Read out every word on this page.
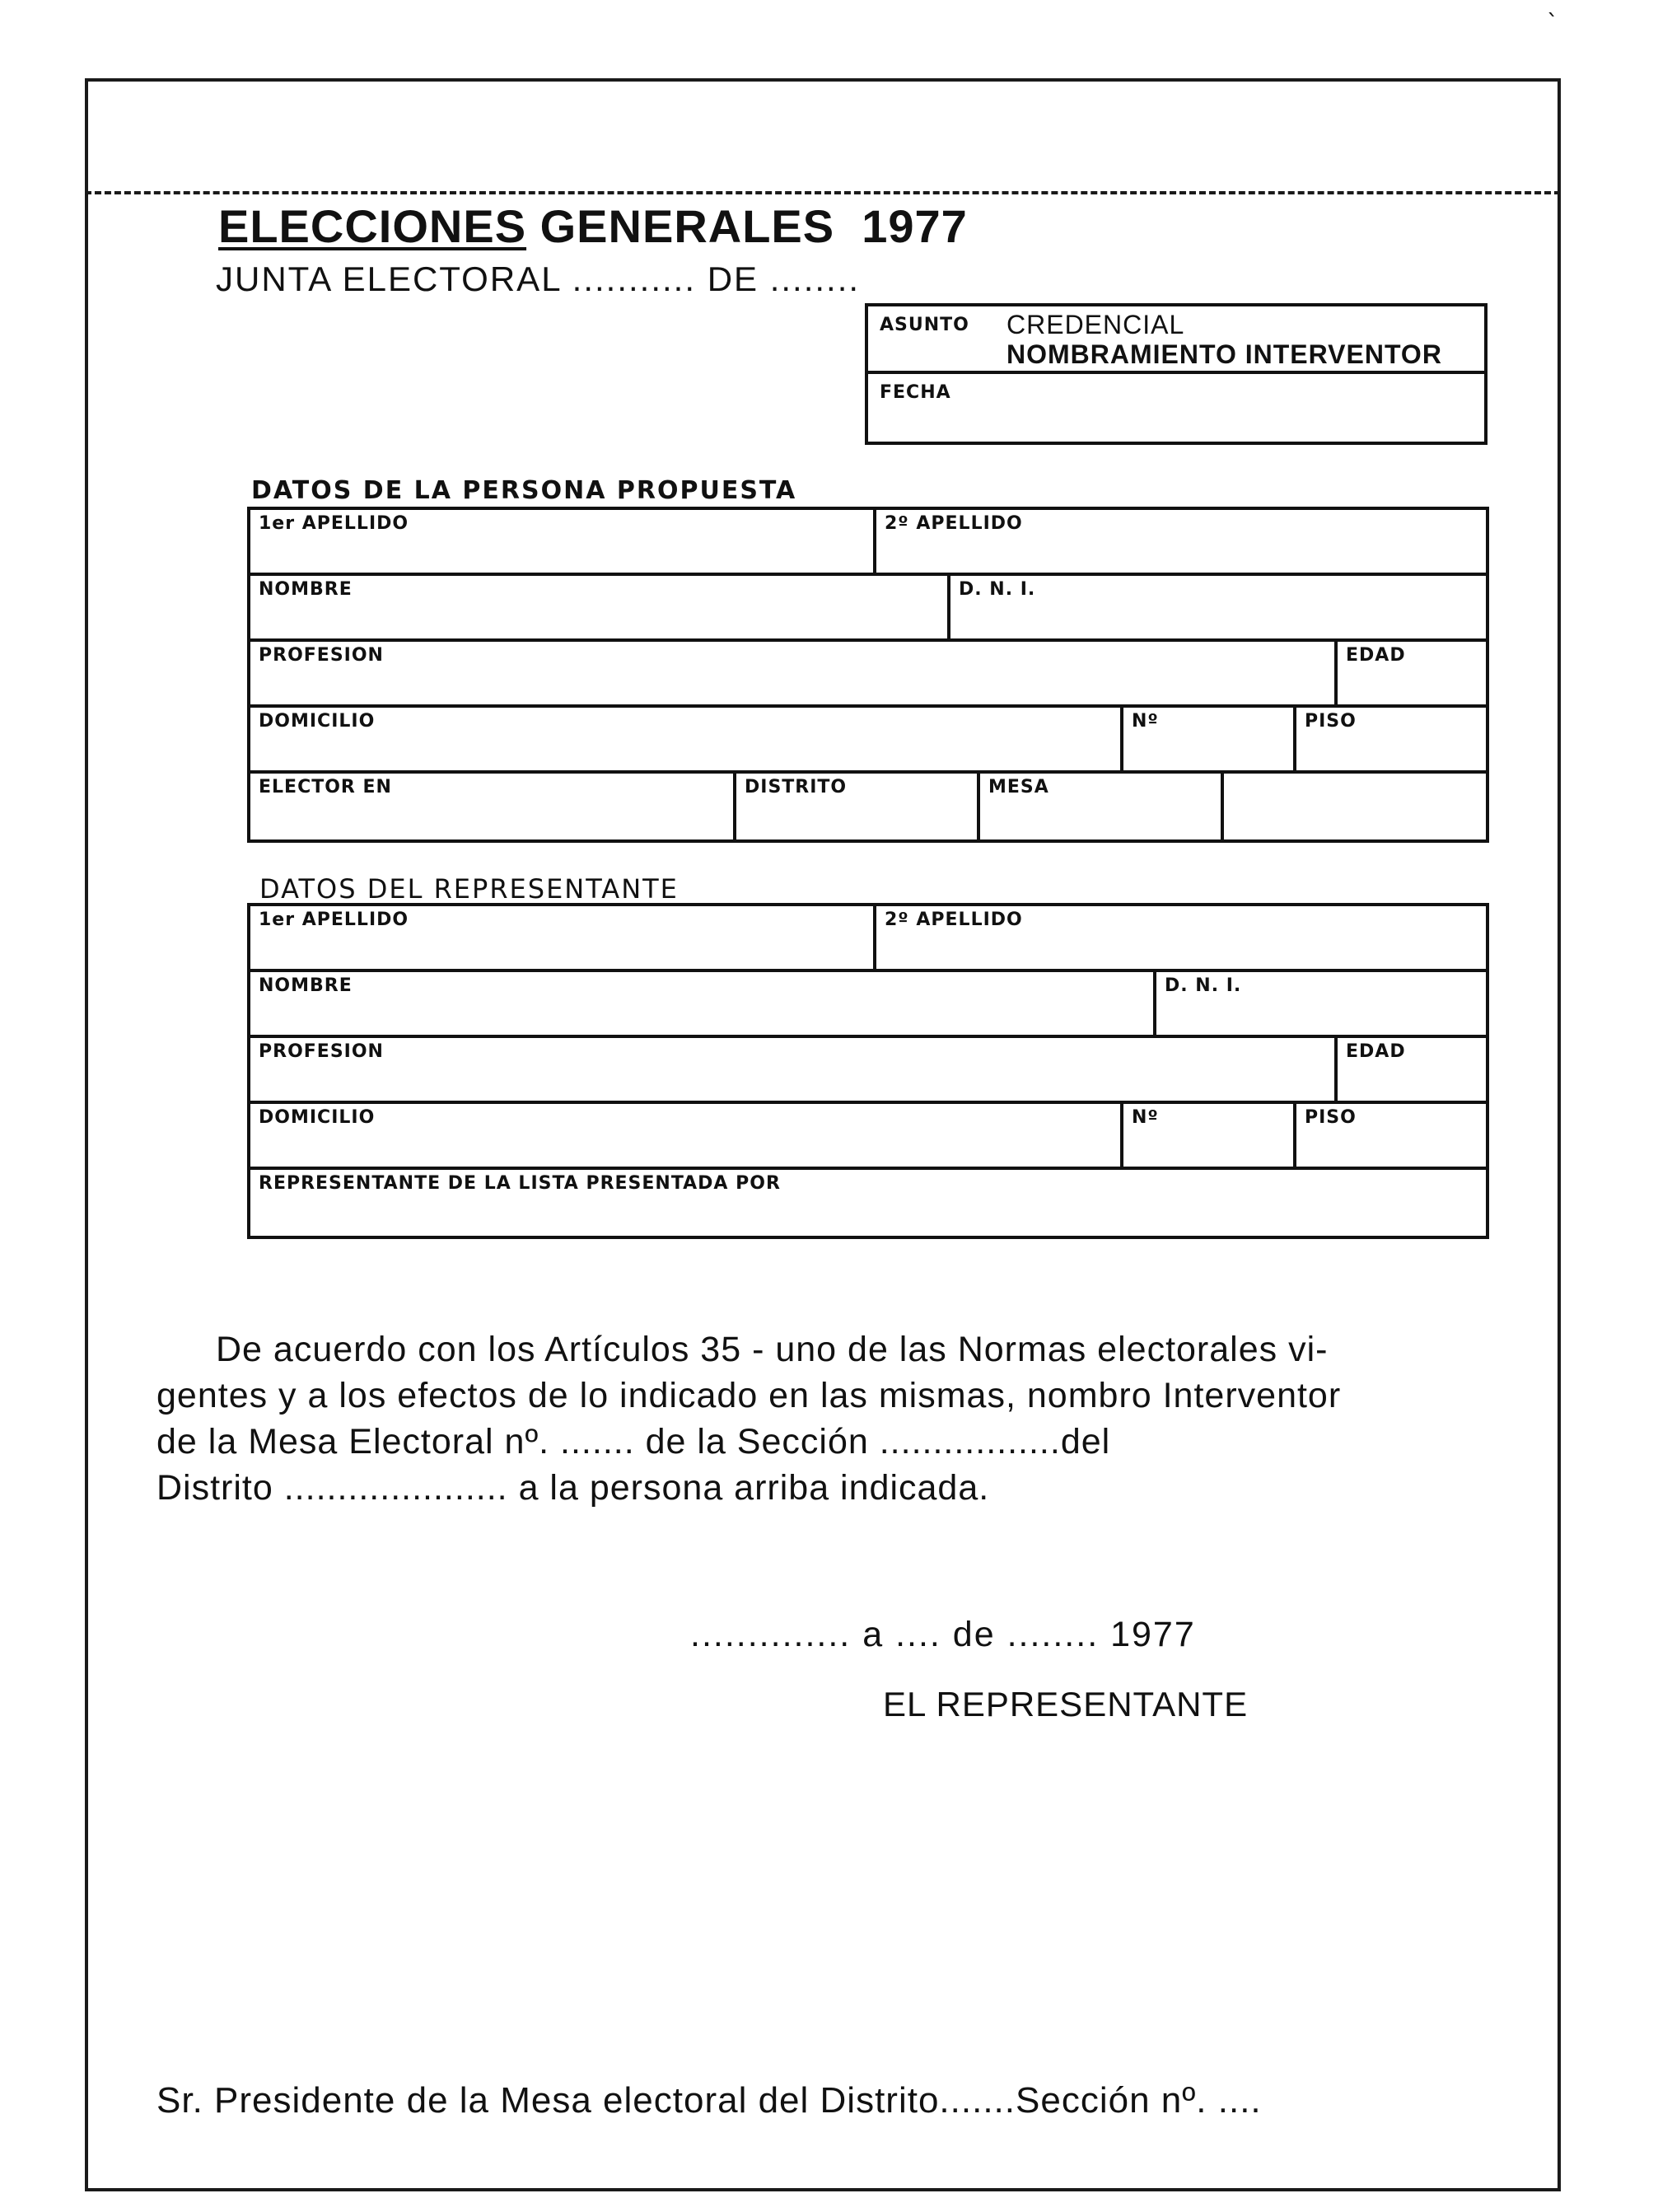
ˋ
ELECCIONES GENERALES 1977
JUNTA ELECTORAL ........... DE ........
ASUNTO CREDENCIAL
NOMBRAMIENTO INTERVENTOR
FECHA
DATOS DE LA PERSONA PROPUESTA
1er APELLIDO	2º APELLIDO
NOMBRE	D. N. I.
PROFESION	EDAD
DOMICILIO	Nº	PISO
ELECTOR EN	DISTRITO	MESA
DATOS DEL REPRESENTANTE
1er APELLIDO	2º APELLIDO
NOMBRE	D. N. I.
PROFESION	EDAD
DOMICILIO	Nº	PISO
REPRESENTANTE DE LA LISTA PRESENTADA POR

De acuerdo con los Artículos 35 - uno de las Normas electorales vi-
gentes y a los efectos de lo indicado en las mismas, nombro Interventor
de la Mesa Electoral nº. ....... de la Sección .................del
Distrito ..................... a la persona arriba indicada.

.............. a .... de ........ 1977
EL REPRESENTANTE
Sr. Presidente de la Mesa electoral del Distrito.......Sección nº. ....
